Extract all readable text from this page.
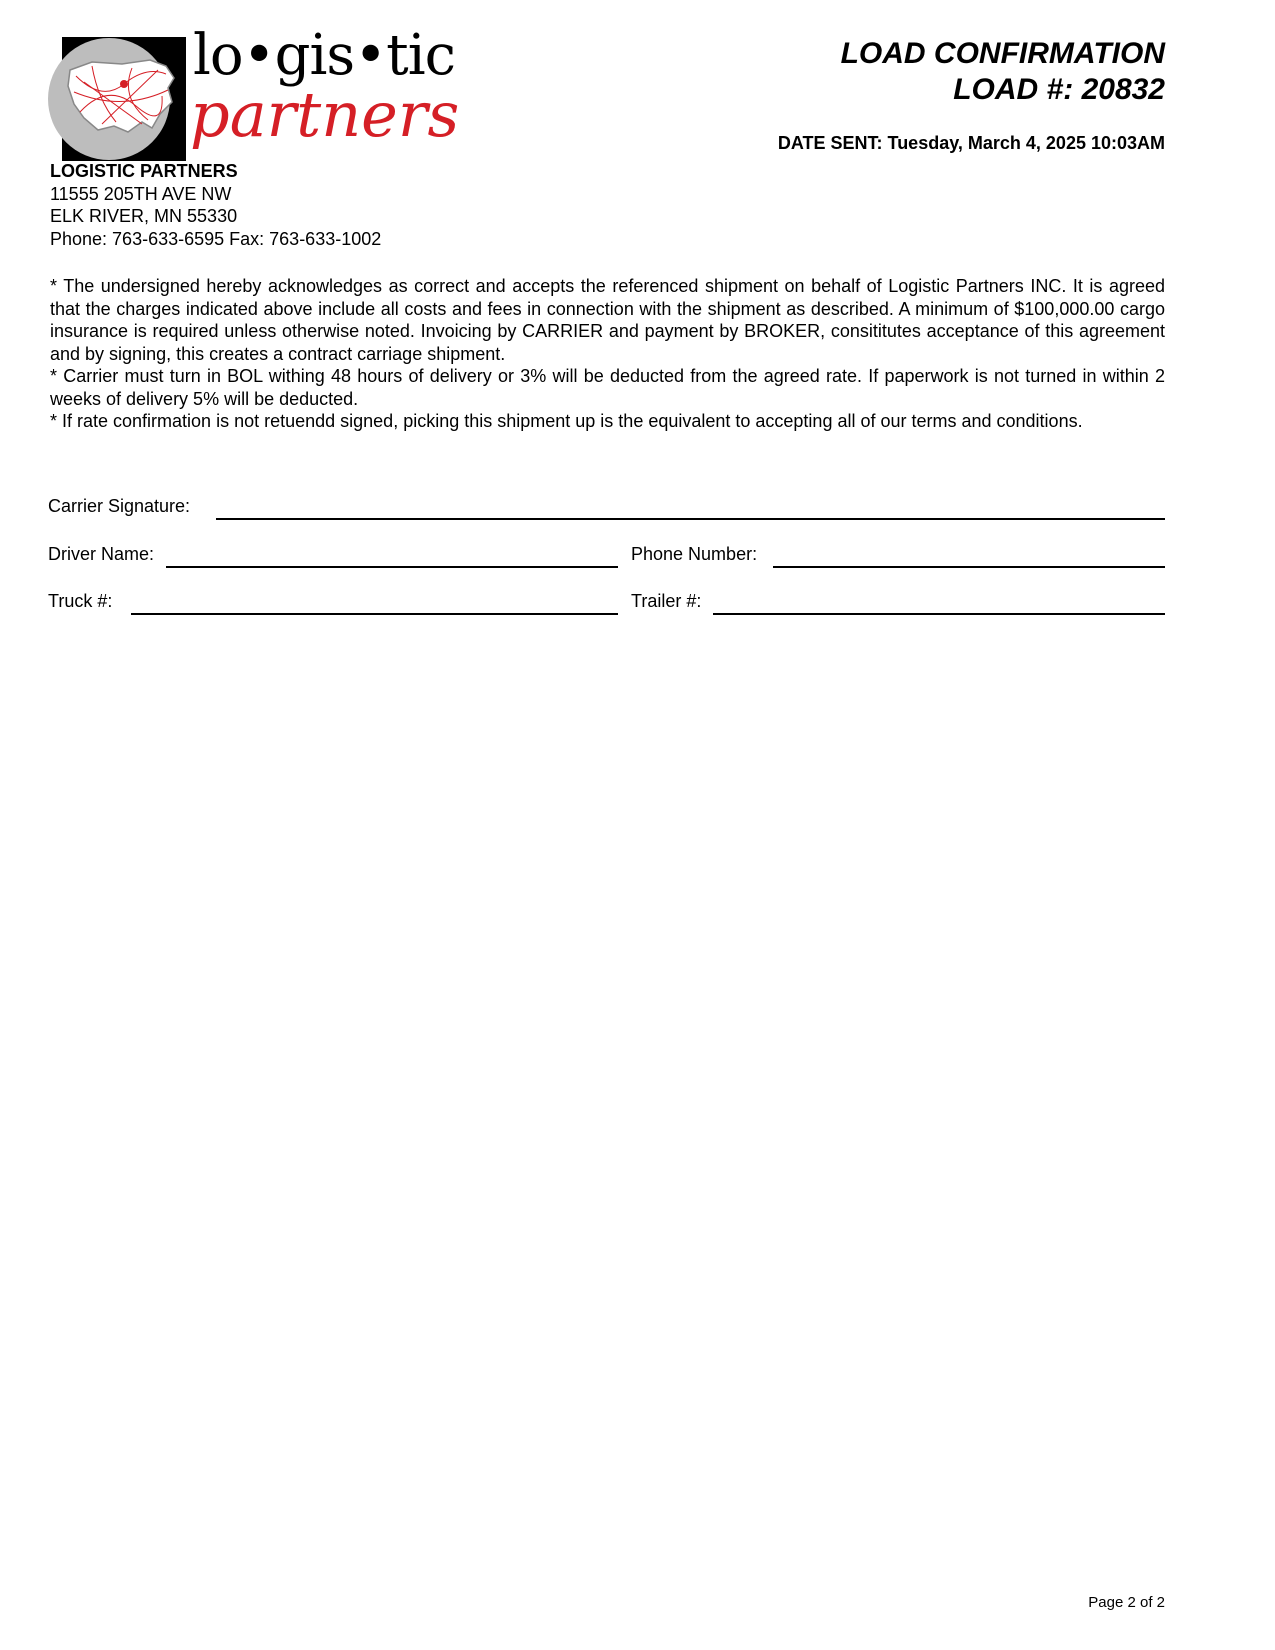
lo•gis•tic
partners
LOAD CONFIRMATION
LOAD #: 20832
DATE SENT: Tuesday, March 4, 2025 10:03AM
LOGISTIC PARTNERS
11555 205TH AVE NW
ELK RIVER, MN 55330
Phone: 763-633-6595 Fax: 763-633-1002

* The undersigned hereby acknowledges as correct and accepts the referenced shipment on behalf of Logistic Partners INC. It is agreed that the charges indicated above include all costs and fees in connection with the shipment as described. A minimum of $100,000.00 cargo insurance is required unless otherwise noted. Invoicing by CARRIER and payment by BROKER, consititutes acceptance of this agreement and by signing, this creates a contract carriage shipment.

* Carrier must turn in BOL withing 48 hours of delivery or 3% will be deducted from the agreed rate. If paperwork is not turned in within 2 weeks of delivery 5% will be deducted.

* If rate confirmation is not retuendd signed, picking this shipment up is the equivalent to accepting all of our terms and conditions.

Carrier Signature:
Driver Name:	Phone Number:
Truck #:	Trailer #:
Page 2 of 2
